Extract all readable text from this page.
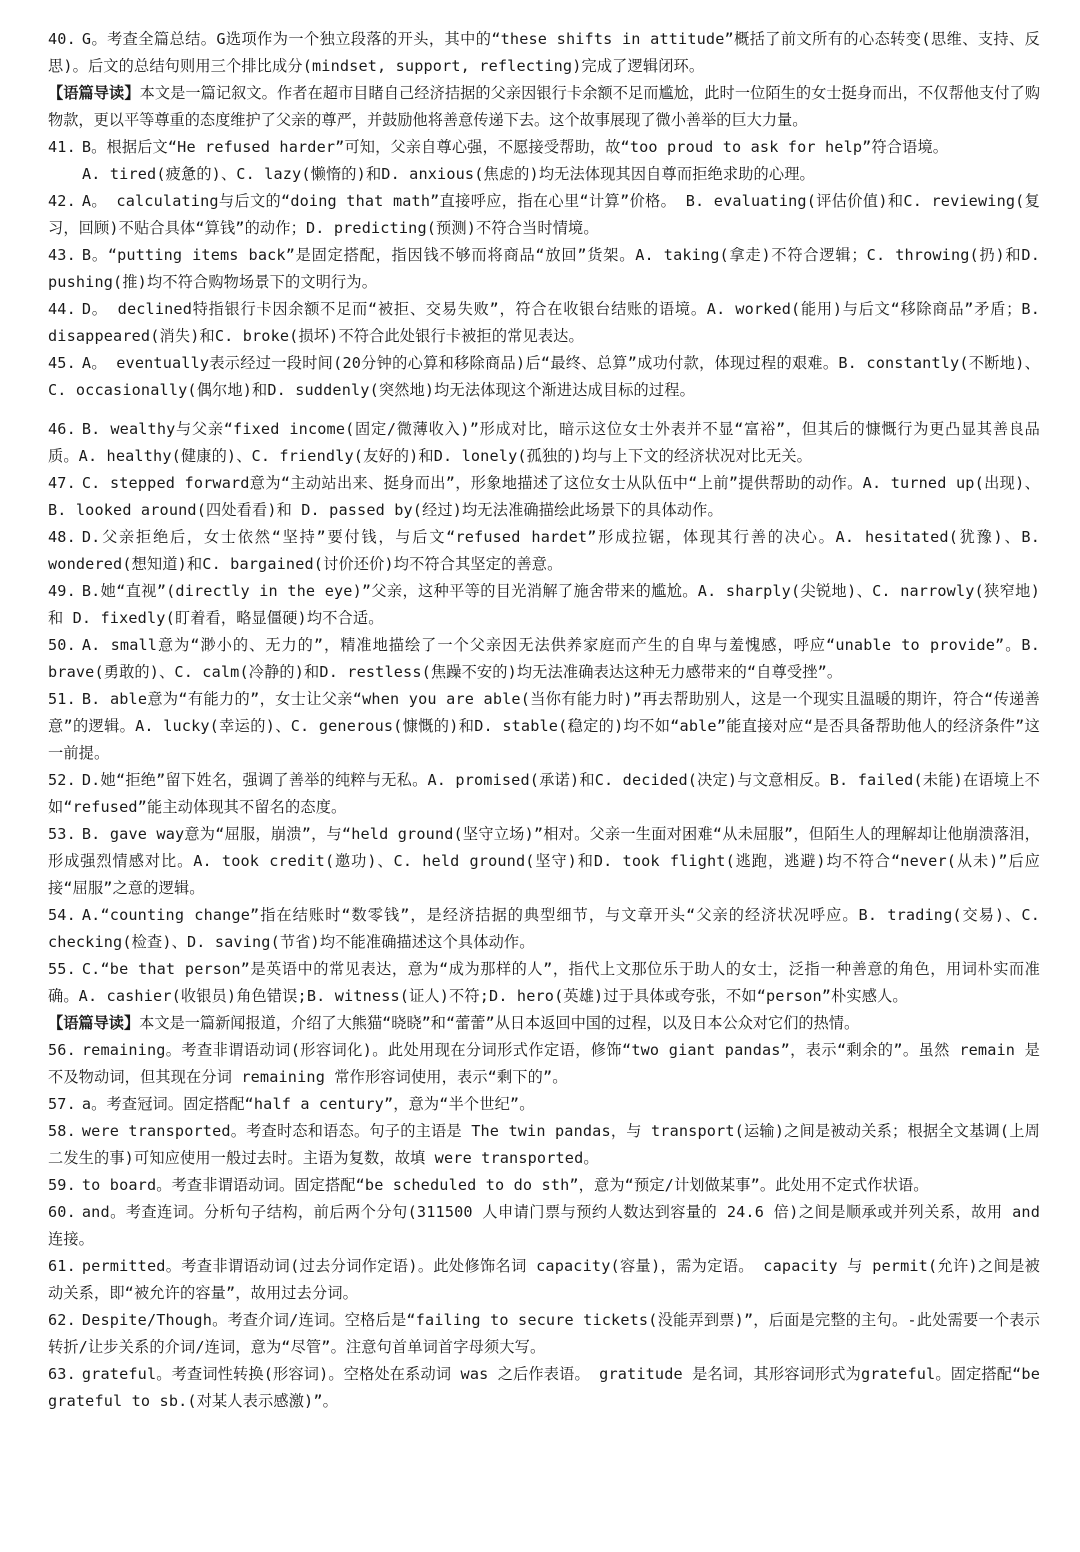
40. G。考查全篇总结。G选项作为一个独立段落的开头，其中的“these shifts in attitude”概括了前文所有的心态转变(思维、支持、反思)。后文的总结句则用三个排比成分(mindset, support, reflecting)完成了逻辑闭环。
【语篇导读】本文是一篇记叙文。作者在超市目睹自己经济拮据的父亲因银行卡余额不足而尴尬，此时一位陌生的女士挺身而出，不仅帮他支付了购物款，更以平等尊重的态度维护了父亲的尊严，并鼓励他将善意传递下去。这个故事展现了微小善举的巨大力量。
41. B。根据后文“He refused harder”可知，父亲自尊心强，不愿接受帮助，故“too proud to ask for help”符合语境。
A. tired(疲惫的)、C. lazy(懒惰的)和D. anxious(焦虑的)均无法体现其因自尊而拒绝求助的心理。
42. A。 calculating与后文的“doing that math”直接呼应，指在心里“计算”价格。 B. evaluating(评估价值)和C. reviewing(复习，回顾)不贴合具体“算钱”的动作；D. predicting(预测)不符合当时情境。
43. B。“putting items back”是固定搭配，指因钱不够而将商品“放回”货架。A. taking(拿走)不符合逻辑；C. throwing(扔)和D. pushing(推)均不符合购物场景下的文明行为。
44. D。 declined特指银行卡因余额不足而“被拒、交易失败”，符合在收银台结账的语境。A. worked(能用)与后文“移除商品”矛盾；B. disappeared(消失)和C. broke(损坏)不符合此处银行卡被拒的常见表达。
45. A。 eventually表示经过一段时间(20分钟的心算和移除商品)后“最终、总算”成功付款，体现过程的艰难。B. constantly(不断地)、C. occasionally(偶尔地)和D. suddenly(突然地)均无法体现这个渐进达成目标的过程。
46. B. wealthy与父亲“fixed income(固定/微薄收入)”形成对比，暗示这位女士外表并不显“富裕”，但其后的慷慨行为更凸显其善良品质。A. healthy(健康的)、C. friendly(友好的)和D. lonely(孤独的)均与上下文的经济状况对比无关。
47. C. stepped forward意为“主动站出来、挺身而出”，形象地描述了这位女士从队伍中“上前”提供帮助的动作。A. turned up(出现)、B. looked around(四处看看)和 D. passed by(经过)均无法准确描绘此场景下的具体动作。
48. D.父亲拒绝后，女士依然“坚持”要付钱，与后文“refused hardet”形成拉锯，体现其行善的决心。A. hesitated(犹豫)、B. wondered(想知道)和C. bargained(讨价还价)均不符合其坚定的善意。
49. B.她“直视”(directly in the eye)”父亲，这种平等的目光消解了施舍带来的尴尬。A. sharply(尖锐地)、C. narrowly(狭窄地)和 D. fixedly(盯着看，略显僵硬)均不合适。
50. A. small意为“渺小的、无力的”，精准地描绘了一个父亲因无法供养家庭而产生的自卑与羞愧感，呼应“unable to provide”。B. brave(勇敢的)、C. calm(冷静的)和D. restless(焦躁不安的)均无法准确表达这种无力感带来的“自尊受挫”。
51. B. able意为“有能力的”，女士让父亲“when you are able(当你有能力时)”再去帮助别人，这是一个现实且温暖的期许，符合“传递善意”的逻辑。A. lucky(幸运的)、C. generous(慷慨的)和D. stable(稳定的)均不如“able”能直接对应“是否具备帮助他人的经济条件”这一前提。
52. D.她“拒绝”留下姓名，强调了善举的纯粹与无私。A. promised(承诺)和C. decided(决定)与文意相反。B. failed(未能)在语境上不如“refused”能主动体现其不留名的态度。
53. B. gave way意为“屈服，崩溃”，与“held ground(坚守立场)”相对。父亲一生面对困难“从未屈服”，但陌生人的理解却让他崩溃落泪，形成强烈情感对比。A. took credit(邀功)、C. held ground(坚守)和D. took flight(逃跑，逃避)均不符合“never(从未)”后应接“屈服”之意的逻辑。
54. A.“counting change”指在结账时“数零钱”，是经济拮据的典型细节，与文章开头“父亲的经济状况呼应。B. trading(交易)、C. checking(检查)、D. saving(节省)均不能准确描述这个具体动作。
55. C.“be that person”是英语中的常见表达，意为“成为那样的人”，指代上文那位乐于助人的女士，泛指一种善意的角色，用词朴实而准确。A. cashier(收银员)角色错误;B. witness(证人)不符;D. hero(英雄)过于具体或夸张，不如“person”朴实感人。
【语篇导读】本文是一篇新闻报道，介绍了大熊猫“晓晓”和“蕾蕾”从日本返回中国的过程，以及日本公众对它们的热情。
56. remaining。考查非谓语动词(形容词化)。此处用现在分词形式作定语，修饰“two giant pandas”，表示“剩余的”。虽然 remain 是不及物动词，但其现在分词 remaining 常作形容词使用，表示“剩下的”。
57. a。考查冠词。固定搭配“half a century”，意为“半个世纪”。
58. were transported。考查时态和语态。句子的主语是 The twin pandas，与 transport(运输)之间是被动关系；根据全文基调(上周二发生的事)可知应使用一般过去时。主语为复数，故填 were transported。
59. to board。考查非谓语动词。固定搭配“be scheduled to do sth”，意为“预定/计划做某事”。此处用不定式作状语。
60. and。考查连词。分析句子结构，前后两个分句(311500 人申请门票与预约人数达到容量的 24.6 倍)之间是顺承或并列关系，故用 and 连接。
61. permitted。考查非谓语动词(过去分词作定语)。此处修饰名词 capacity(容量)，需为定语。 capacity 与 permit(允许)之间是被动关系，即“被允许的容量”，故用过去分词。
62. Despite/Though。考查介词/连词。空格后是“failing to secure tickets(没能弄到票)”，后面是完整的主句。-此处需要一个表示转折/让步关系的介词/连词，意为“尽管”。注意句首单词首字母须大写。
63. grateful。考查词性转换(形容词)。空格处在系动词 was 之后作表语。 gratitude 是名词，其形容词形式为grateful。固定搭配“be grateful to sb.(对某人表示感激)”。
